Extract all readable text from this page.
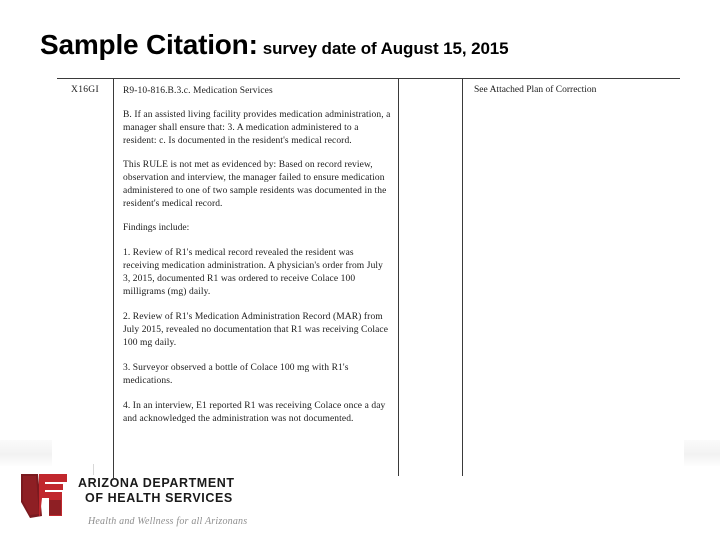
Sample Citation: survey date of August 15, 2015
X16GI	R9-10-816.B.3.c. Medication Services

B. If an assisted living facility provides medication administration, a manager shall ensure that: 3. A medication administered to a resident: c. Is documented in the resident's medical record.

This RULE is not met as evidenced by: Based on record review, observation and interview, the manager failed to ensure medication administered to one of two sample residents was documented in the resident's medical record.

Findings include:

1. Review of R1's medical record revealed the resident was receiving medication administration. A physician's order from July 3, 2015, documented R1 was ordered to receive Colace 100 milligrams (mg) daily.

2. Review of R1's Medication Administration Record (MAR) from July 2015, revealed no documentation that R1 was receiving Colace 100 mg daily.

3. Surveyor observed a bottle of Colace 100 mg with R1's medications.

4. In an interview, E1 reported R1 was receiving Colace once a day and acknowledged the administration was not documented.

See Attached Plan of Correction
ARIZONA DEPARTMENT
OF HEALTH SERVICES
Health and Wellness for all Arizonans
